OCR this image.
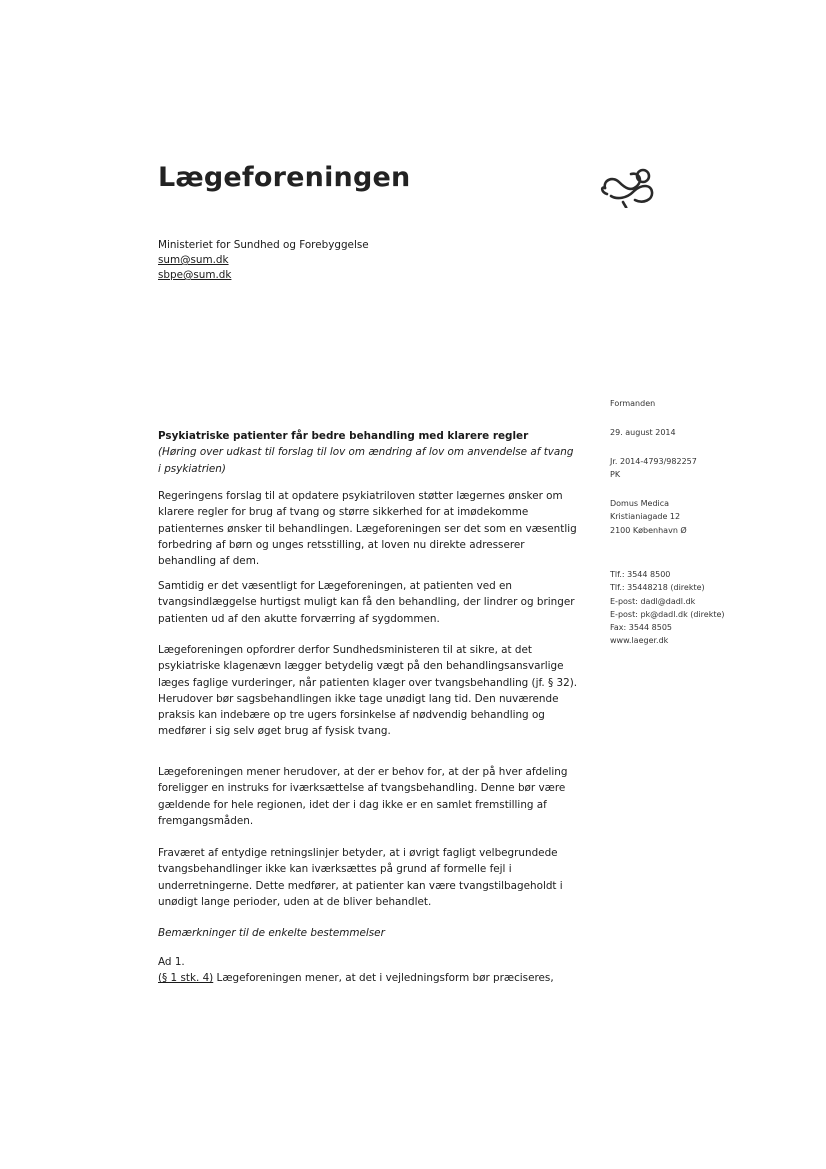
Lægeforeningen
Ministeriet for Sundhed og Forebyggelse
sum@sum.dk
sbpe@sum.dk
Formanden
29. august 2014
Jr. 2014-4793/982257
PK
Domus Medica
Kristianiagade 12
2100 København Ø
Tlf.: 3544 8500
Tlf.: 35448218 (direkte)
E-post: dadl@dadl.dk
E-post: pk@dadl.dk (direkte)
Fax: 3544 8505
www.laeger.dk
Psykiatriske patienter får bedre behandling med klarere regler
(Høring over udkast til forslag til lov om ændring af lov om anvendelse af tvang i psykiatrien)

Regeringens forslag til at opdatere psykiatriloven støtter lægernes ønsker om klarere regler for brug af tvang og større sikkerhed for at imødekomme patienternes ønsker til behandlingen. Lægeforeningen ser det som en væsentlig forbedring af børn og unges retsstilling, at loven nu direkte adresserer behandling af dem.

Samtidig er det væsentligt for Lægeforeningen, at patienten ved en tvangsindlæggelse hurtigst muligt kan få den behandling, der lindrer og bringer patienten ud af den akutte forværring af sygdommen.

Lægeforeningen opfordrer derfor Sundhedsministeren til at sikre, at det psykiatriske klagenævn lægger betydelig vægt på den behandlingsansvarlige læges faglige vurderinger, når patienten klager over tvangsbehandling (jf. § 32). Herudover bør sagsbehandlingen ikke tage unødigt lang tid. Den nuværende praksis kan indebære op tre ugers forsinkelse af nødvendig behandling og medfører i sig selv øget brug af fysisk tvang.

Lægeforeningen mener herudover, at der er behov for, at der på hver afdeling foreligger en instruks for iværksættelse af tvangsbehandling. Denne bør være gældende for hele regionen, idet der i dag ikke er en samlet fremstilling af fremgangsmåden.

Fraværet af entydige retningslinjer betyder, at i øvrigt fagligt velbegrundede tvangsbehandlinger ikke kan iværksættes på grund af formelle fejl i underretningerne. Dette medfører, at patienter kan være tvangstilbageholdt i unødigt lange perioder, uden at de bliver behandlet.

Bemærkninger til de enkelte bestemmelser

Ad 1.

(§ 1 stk. 4) Lægeforeningen mener, at det i vejledningsform bør præciseres,
